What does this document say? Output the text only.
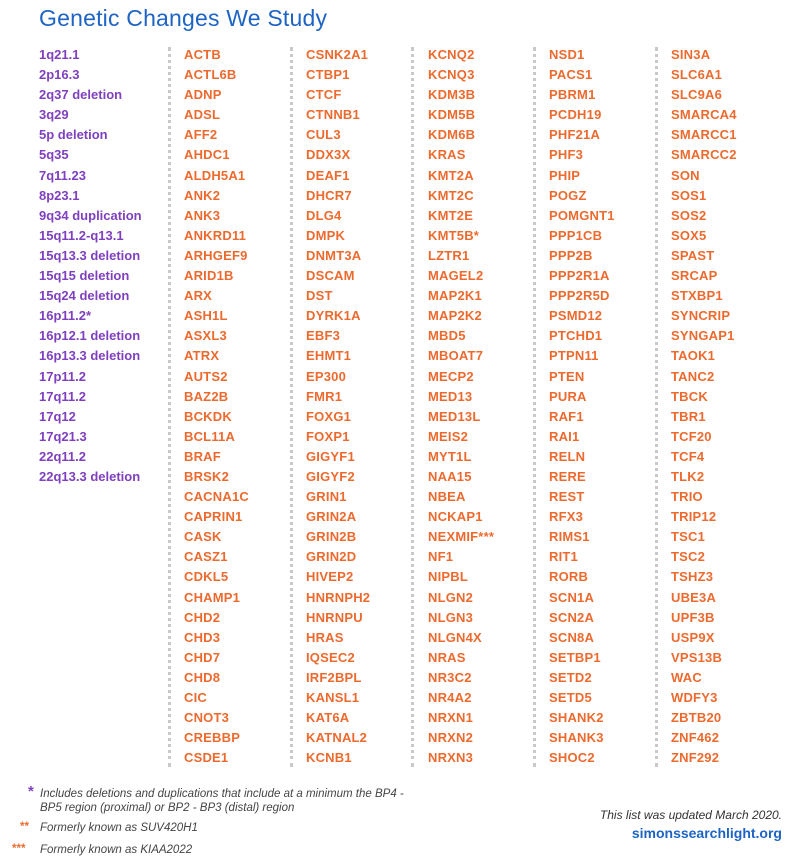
Genetic Changes We Study
1q21.1
2p16.3
2q37 deletion
3q29
5p deletion
5q35
7q11.23
8p23.1
9q34 duplication
15q11.2-q13.1
15q13.3 deletion
15q15 deletion
15q24 deletion
16p11.2*
16p12.1 deletion
16p13.3 deletion
17p11.2
17q11.2
17q12
17q21.3
22q11.2
22q13.3 deletion
ACTB
ACTL6B
ADNP
ADSL
AFF2
AHDC1
ALDH5A1
ANK2
ANK3
ANKRD11
ARHGEF9
ARID1B
ARX
ASH1L
ASXL3
ATRX
AUTS2
BAZ2B
BCKDK
BCL11A
BRAF
BRSK2
CACNA1C
CAPRIN1
CASK
CASZ1
CDKL5
CHAMP1
CHD2
CHD3
CHD7
CHD8
CIC
CNOT3
CREBBP
CSDE1
CSNK2A1
CTBP1
CTCF
CTNNB1
CUL3
DDX3X
DEAF1
DHCR7
DLG4
DMPK
DNMT3A
DSCAM
DST
DYRK1A
EBF3
EHMT1
EP300
FMR1
FOXG1
FOXP1
GIGYF1
GIGYF2
GRIN1
GRIN2A
GRIN2B
GRIN2D
HIVEP2
HNRNPH2
HNRNPU
HRAS
IQSEC2
IRF2BPL
KANSL1
KAT6A
KATNAL2
KCNB1
KCNQ2
KCNQ3
KDM3B
KDM5B
KDM6B
KRAS
KMT2A
KMT2C
KMT2E
KMT5B*
LZTR1
MAGEL2
MAP2K1
MAP2K2
MBD5
MBOAT7
MECP2
MED13
MED13L
MEIS2
MYT1L
NAA15
NBEA
NCKAP1
NEXMIF***
NF1
NIPBL
NLGN2
NLGN3
NLGN4X
NRAS
NR3C2
NR4A2
NRXN1
NRXN2
NRXN3
NSD1
PACS1
PBRM1
PCDH19
PHF21A
PHF3
PHIP
POGZ
POMGNT1
PPP1CB
PPP2B
PPP2R1A
PPP2R5D
PSMD12
PTCHD1
PTPN11
PTEN
PURA
RAF1
RAI1
RELN
RERE
REST
RFX3
RIMS1
RIT1
RORB
SCN1A
SCN2A
SCN8A
SETBP1
SETD2
SETD5
SHANK2
SHANK3
SHOC2
SIN3A
SLC6A1
SLC9A6
SMARCA4
SMARCC1
SMARCC2
SON
SOS1
SOS2
SOX5
SPAST
SRCAP
STXBP1
SYNCRIP
SYNGAP1
TAOK1
TANC2
TBCK
TBR1
TCF20
TCF4
TLK2
TRIO
TRIP12
TSC1
TSC2
TSHZ3
UBE3A
UPF3B
USP9X
VPS13B
WAC
WDFY3
ZBTB20
ZNF462
ZNF292
* Includes deletions and duplications that include at a minimum the BP4 - BP5 region (proximal) or BP2 - BP3 (distal) region
** Formerly known as SUV420H1
*** Formerly known as KIAA2022
This list was updated March 2020.
simonssearchlight.org
